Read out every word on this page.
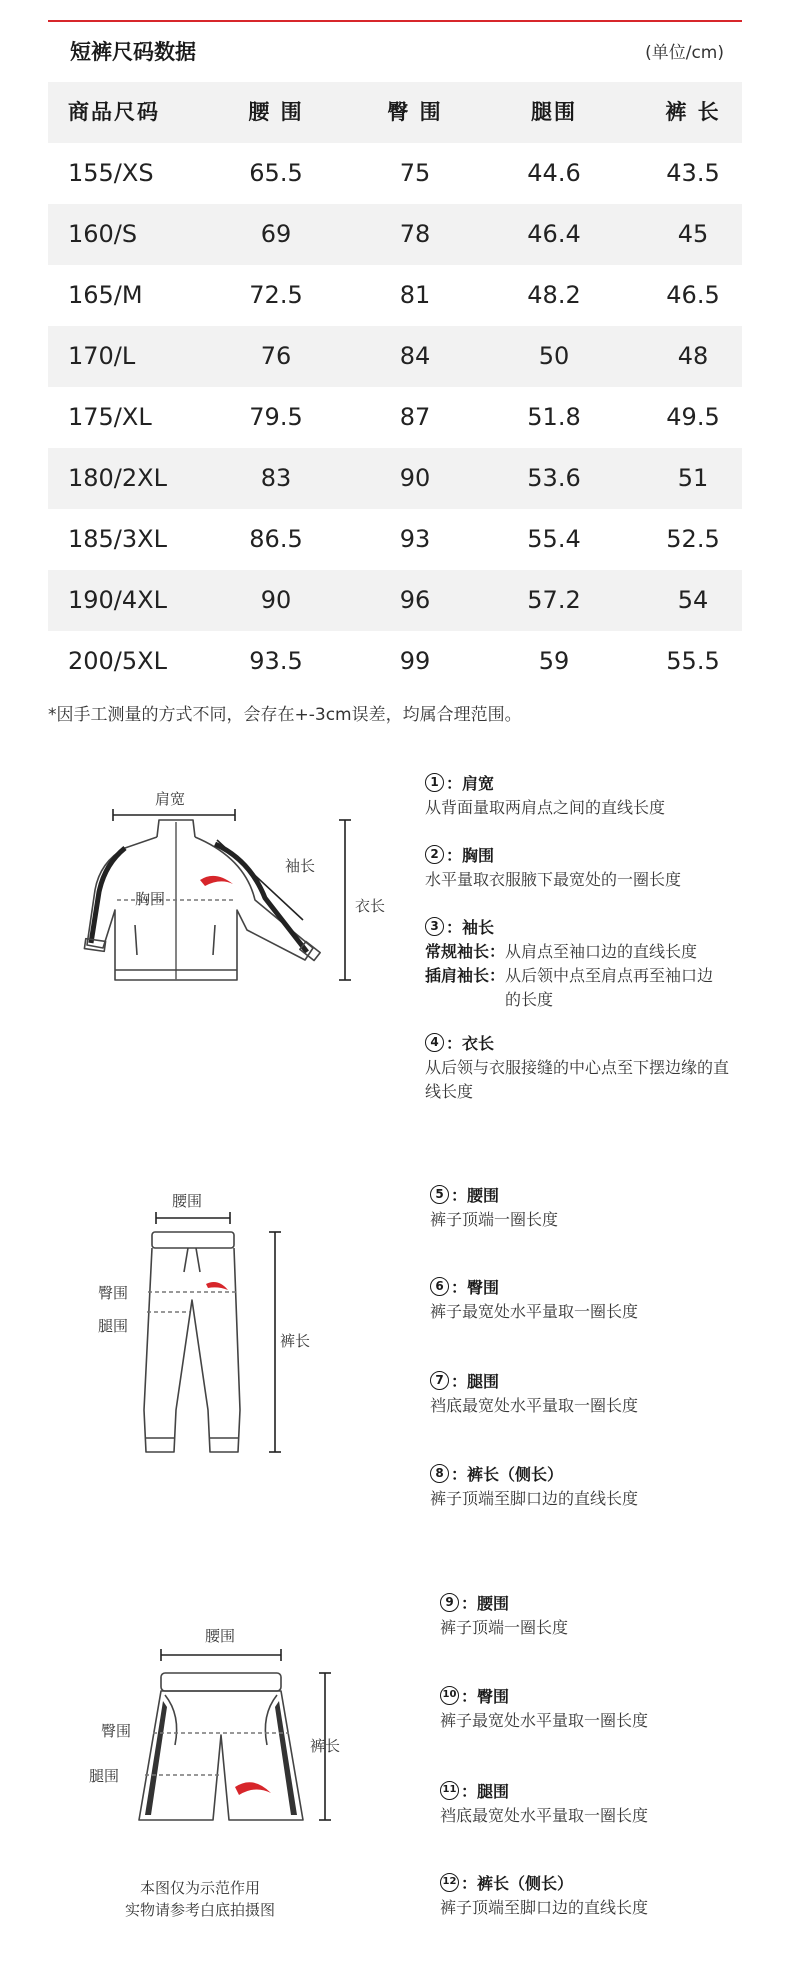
短裤尺码数据	(单位/cm)
商品尺码	腰 围	臀 围	腿围	裤 长
155/XS	65.5	75	44.6	43.5
160/S	69	78	46.4	45
165/M	72.5	81	48.2	46.5
170/L	76	84	50	48
175/XL	79.5	87	51.8	49.5
180/2XL	83	90	53.6	51
185/3XL	86.5	93	55.4	52.5
190/4XL	90	96	57.2	54
200/5XL	93.5	99	59	55.5
*因手工测量的方式不同，会存在+-3cm误差，均属合理范围。
肩宽
袖长
胸围	衣长
1 ： 肩宽
从背面量取两肩点之间的直线长度
2 ： 胸围
水平量取衣服腋下最宽处的一圈长度
3 ： 袖长
常规袖长： 从肩点至袖口边的直线长度
插肩袖长： 从后领中点至肩点再至袖口边的长度
4 ： 衣长
从后领与衣服接缝的中心点至下摆边缘的直线长度
腰围
臀围
腿围
裤长
5 ： 腰围
裤子顶端一圈长度
6 ： 臀围
裤子最宽处水平量取一圈长度
7 ： 腿围
裆底最宽处水平量取一圈长度
8 ： 裤长（侧长）
裤子顶端至脚口边的直线长度
腰围
臀围
腿围
裤长
9 ： 腰围
裤子顶端一圈长度
10 ： 臀围
裤子最宽处水平量取一圈长度
11 ： 腿围
裆底最宽处水平量取一圈长度
12 ： 裤长（侧长）
裤子顶端至脚口边的直线长度
本图仅为示范作用
实物请参考白底拍摄图
